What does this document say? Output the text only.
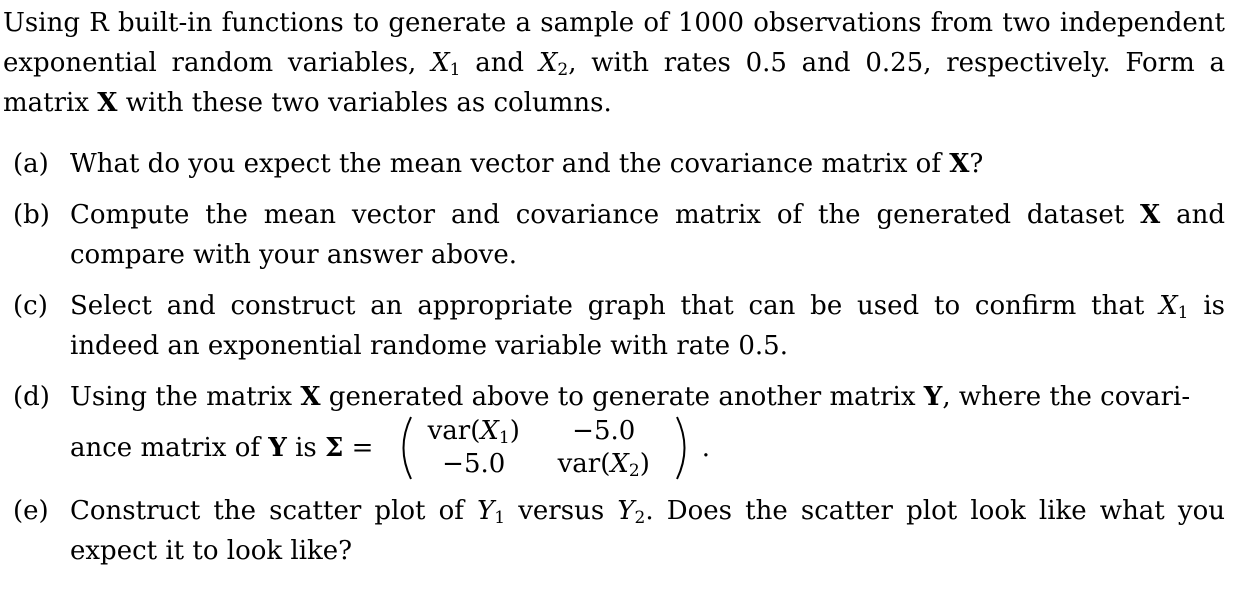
Using R built-in functions to generate a sample of 1000 observations from two independent exponential random variables, $X_1$ and $X_2$, with rates 0.5 and 0.25, respectively. Form a matrix X with these two variables as columns.

(a) What do you expect the mean vector and the covariance matrix of X?
(b) Compute the mean vector and covariance matrix of the generated dataset X and compare with your answer above.
(c) Select and construct an appropriate graph that can be used to confirm that $X_1$ is indeed an exponential randome variable with rate 0.5.
(d) Using the matrix X generated above to generate another matrix Y, where the covari-
ance matrix of
Y is Σ =
$var(X_1)$	−5.0
−5.0	$var(X_2)$
.
(e) Construct the scatter plot of $Y_1$ versus $Y_2$. Does the scatter plot look like what you expect it to look like?
